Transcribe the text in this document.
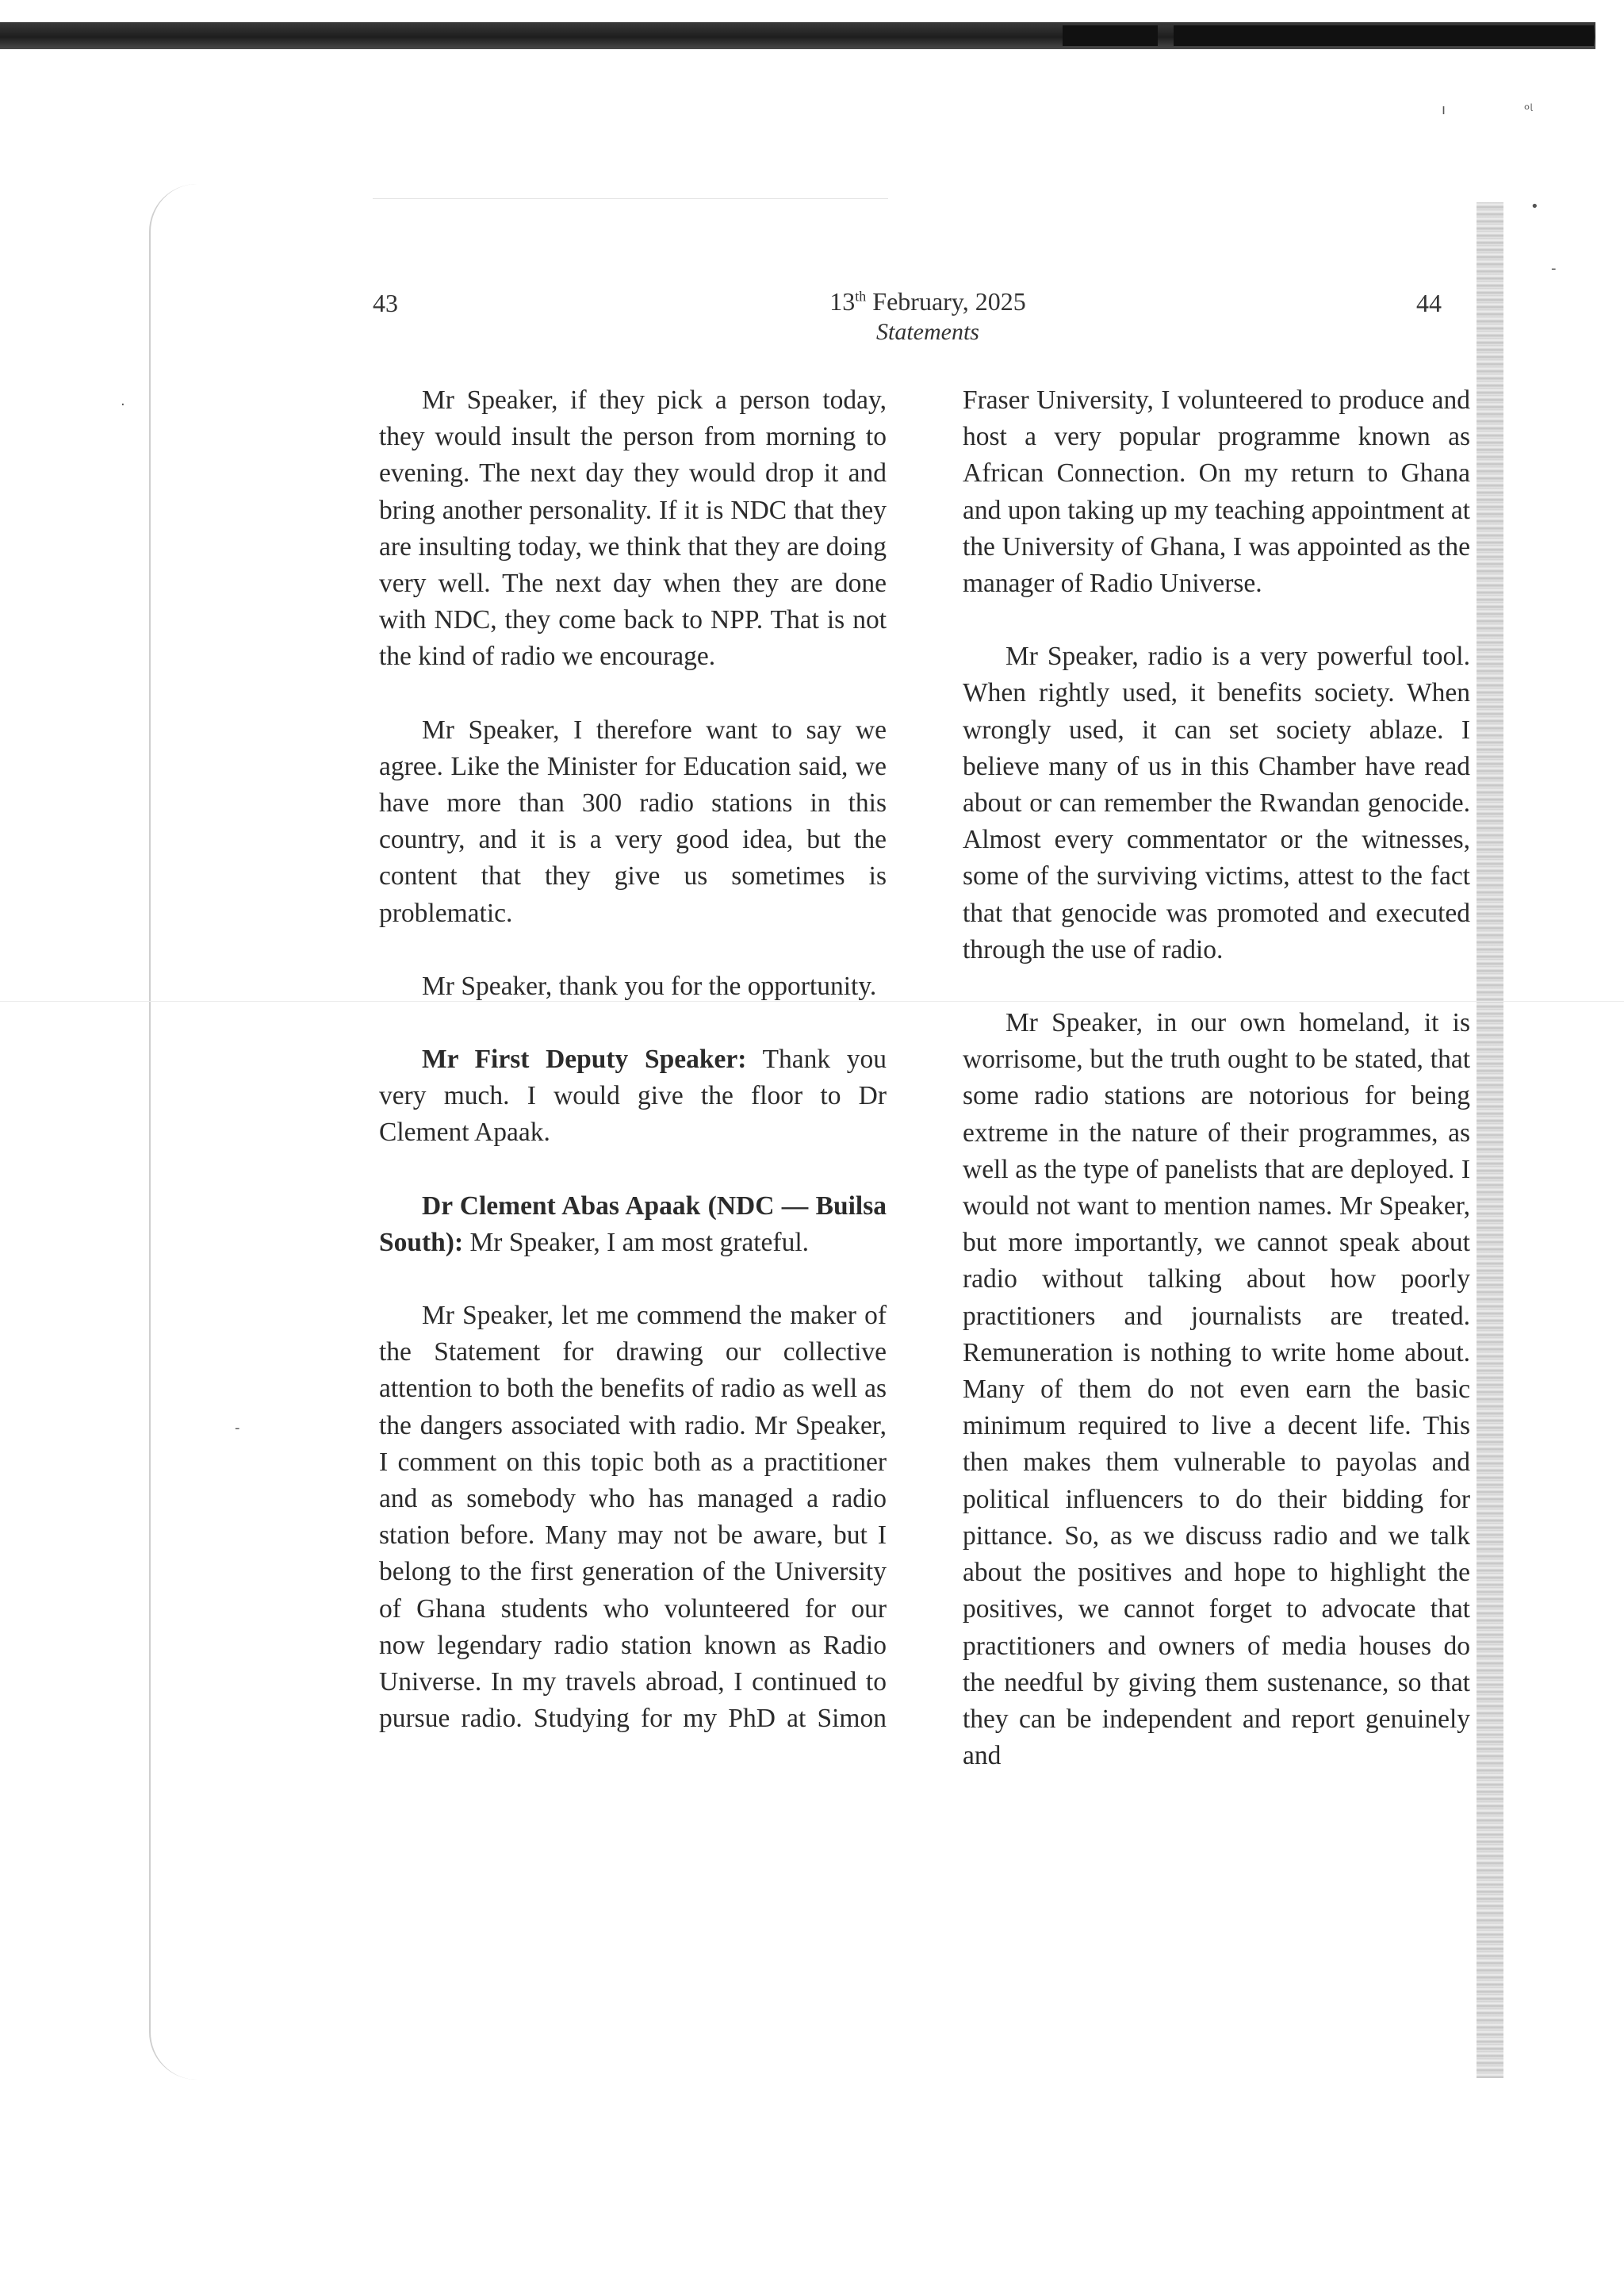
ı	ᵒᶩ
•
-
·
-
43	13th February, 2025
Statements
44

Mr Speaker, if they pick a person today, they would insult the person from morning to evening. The next day they would drop it and bring another personality. If it is NDC that they are insulting today, we think that they are doing very well. The next day when they are done with NDC, they come back to NPP. That is not the kind of radio we encourage.

Mr Speaker, I therefore want to say we agree. Like the Minister for Education said, we have more than 300 radio stations in this country, and it is a very good idea, but the content that they give us sometimes is problematic.

Mr Speaker, thank you for the opportunity.

Mr First Deputy Speaker: Thank you very much. I would give the floor to Dr Clement Apaak.

Dr Clement Abas Apaak (NDC — Builsa South): Mr Speaker, I am most grateful.

Mr Speaker, let me commend the maker of the Statement for drawing our collective attention to both the benefits of radio as well as the dangers associated with radio. Mr Speaker, I comment on this topic both as a practitioner and as somebody who has managed a radio station before. Many may not be aware, but I belong to the first generation of the University of Ghana students who volunteered for our now legendary radio station known as Radio Universe. In my travels abroad, I continued to pursue radio. Studying for my PhD at Simon

Fraser University, I volunteered to produce and host a very popular programme known as African Connection. On my return to Ghana and upon taking up my teaching appointment at the University of Ghana, I was appointed as the manager of Radio Universe.

Mr Speaker, radio is a very powerful tool. When rightly used, it benefits society. When wrongly used, it can set society ablaze. I believe many of us in this Chamber have read about or can remember the Rwandan genocide. Almost every commentator or the witnesses, some of the surviving victims, attest to the fact that that genocide was promoted and executed through the use of radio.

Mr Speaker, in our own homeland, it is worrisome, but the truth ought to be stated, that some radio stations are notorious for being extreme in the nature of their programmes, as well as the type of panelists that are deployed. I would not want to mention names. Mr Speaker, but more importantly, we cannot speak about radio without talking about how poorly practitioners and journalists are treated. Remuneration is nothing to write home about. Many of them do not even earn the basic minimum required to live a decent life. This then makes them vulnerable to payolas and political influencers to do their bidding for pittance. So, as we discuss radio and we talk about the positives and hope to highlight the positives, we cannot forget to advocate that practitioners and owners of media houses do the needful by giving them sustenance, so that they can be independent and report genuinely and
